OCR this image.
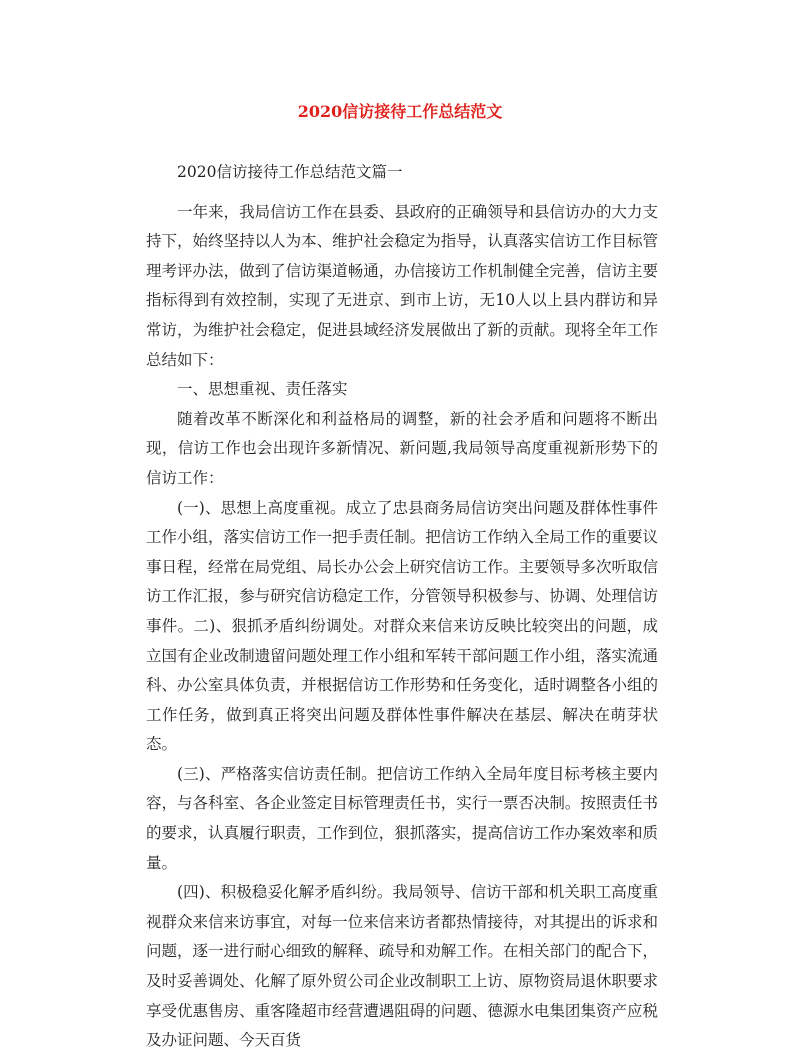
2020信访接待工作总结范文

2020信访接待工作总结范文篇一

一年来，我局信访工作在县委、县政府的正确领导和县信访办的大力支持下，始终坚持以人为本、维护社会稳定为指导，认真落实信访工作目标管理考评办法，做到了信访渠道畅通，办信接访工作机制健全完善，信访主要指标得到有效控制，实现了无进京、到市上访，无10人以上县内群访和异常访，为维护社会稳定，促进县域经济发展做出了新的贡献。现将全年工作总结如下：

一、思想重视、责任落实

随着改革不断深化和利益格局的调整，新的社会矛盾和问题将不断出现，信访工作也会出现许多新情况、新问题,我局领导高度重视新形势下的信访工作：

(一)、思想上高度重视。成立了忠县商务局信访突出问题及群体性事件工作小组，落实信访工作一把手责任制。把信访工作纳入全局工作的重要议事日程，经常在局党组、局长办公会上研究信访工作。主要领导多次听取信访工作汇报，参与研究信访稳定工作，分管领导积极参与、协调、处理信访事件。二)、狠抓矛盾纠纷调处。对群众来信来访反映比较突出的问题，成立国有企业改制遗留问题处理工作小组和军转干部问题工作小组，落实流通科、办公室具体负责，并根据信访工作形势和任务变化，适时调整各小组的工作任务，做到真正将突出问题及群体性事件解决在基层、解决在萌芽状态。

(三)、严格落实信访责任制。把信访工作纳入全局年度目标考核主要内容，与各科室、各企业签定目标管理责任书，实行一票否决制。按照责任书的要求，认真履行职责，工作到位，狠抓落实，提高信访工作办案效率和质量。

(四)、积极稳妥化解矛盾纠纷。我局领导、信访干部和机关职工高度重视群众来信来访事宜，对每一位来信来访者都热情接待，对其提出的诉求和问题，逐一进行耐心细致的解释、疏导和劝解工作。在相关部门的配合下，及时妥善调处、化解了原外贸公司企业改制职工上访、原物资局退休职要求享受优惠售房、重客隆超市经营遭遇阻碍的问题、德源水电集团集资产应税及办证问题、今天百货
